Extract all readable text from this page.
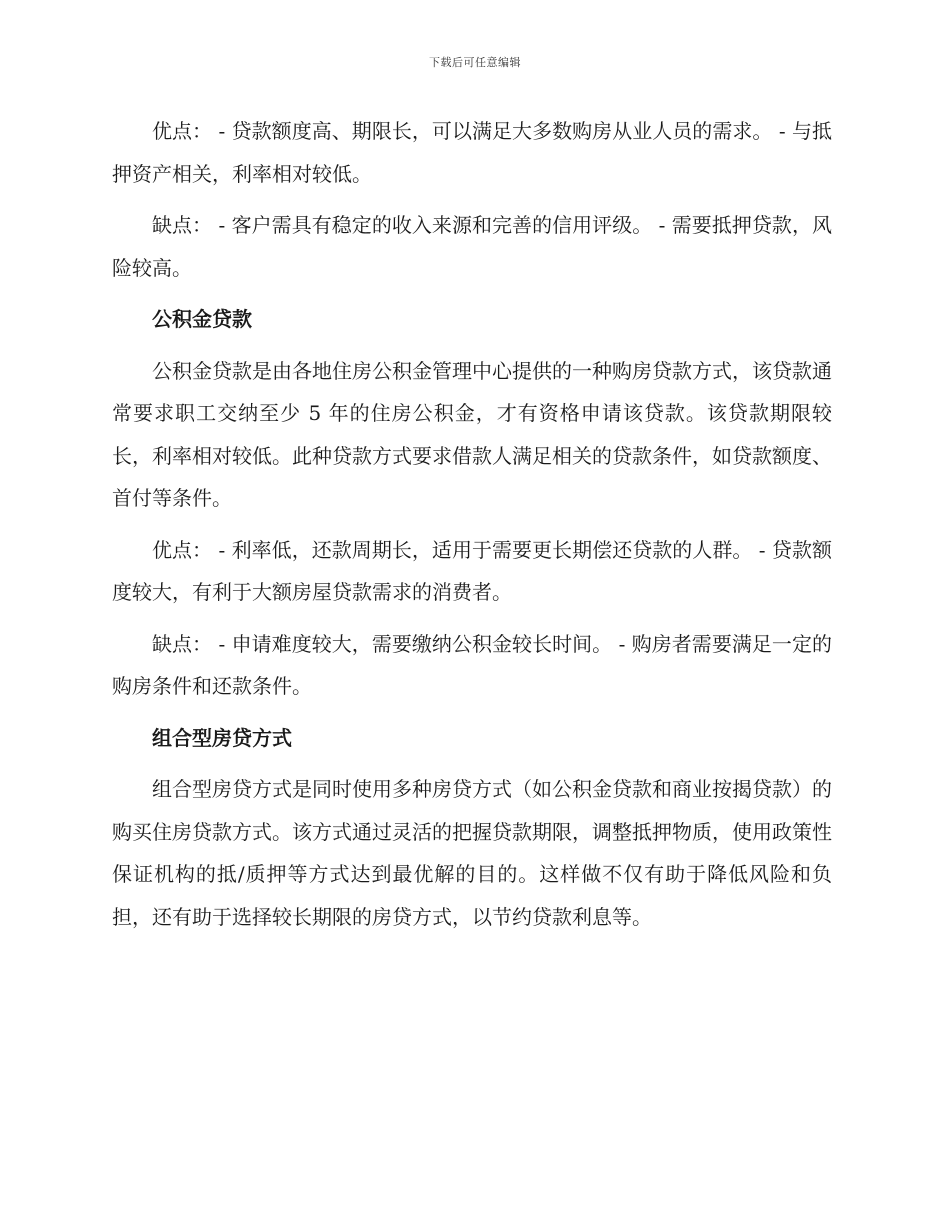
下载后可任意编辑

优点： - 贷款额度高、期限长，可以满足大多数购房从业人员的需求。 - 与抵押资产相关，利率相对较低。

缺点： - 客户需具有稳定的收入来源和完善的信用评级。 - 需要抵押贷款，风险较高。

公积金贷款

公积金贷款是由各地住房公积金管理中心提供的一种购房贷款方式，该贷款通常要求职工交纳至少 5 年的住房公积金，才有资格申请该贷款。该贷款期限较长，利率相对较低。此种贷款方式要求借款人满足相关的贷款条件，如贷款额度、首付等条件。

优点： - 利率低，还款周期长，适用于需要更长期偿还贷款的人群。 - 贷款额度较大，有利于大额房屋贷款需求的消费者。

缺点： - 申请难度较大，需要缴纳公积金较长时间。 - 购房者需要满足一定的购房条件和还款条件。

组合型房贷方式

组合型房贷方式是同时使用多种房贷方式（如公积金贷款和商业按揭贷款）的购买住房贷款方式。该方式通过灵活的把握贷款期限，调整抵押物质，使用政策性保证机构的抵/质押等方式达到最优解的目的。这样做不仅有助于降低风险和负担，还有助于选择较长期限的房贷方式，以节约贷款利息等。
